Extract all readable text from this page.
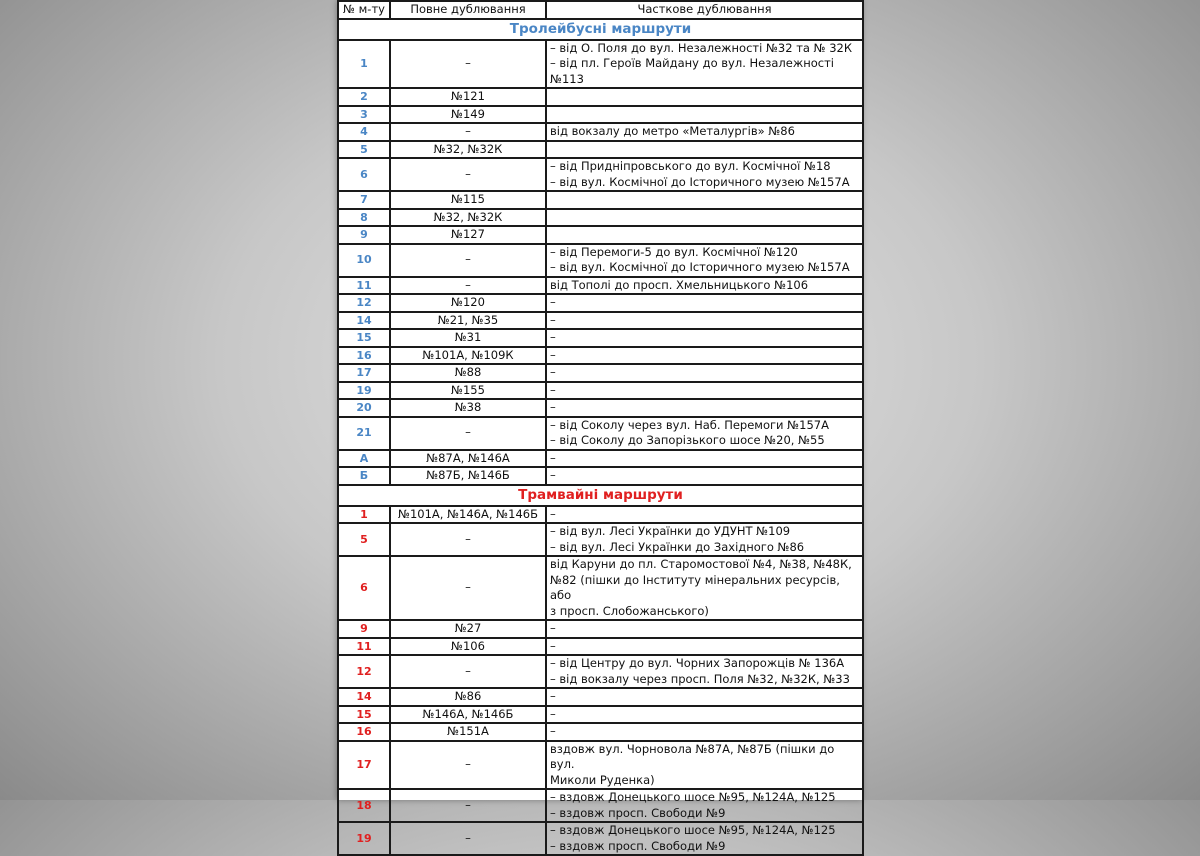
№ м-ту	Повне дублювання	Часткове дублювання
Тролейбусні маршрути		
1	–	– від О. Поля до вул. Незалежності №32 та № 32К
– від пл. Героїв Майдану до вул. Незалежності №113

2	№121	
3	№149	
4	–	від вокзалу до метро «Металургів» №86

5	№32, №32К	
6	–	– від Придніпровського до вул. Космічної №18
– від вул. Космічної до Історичного музею №157А

7	№115	
8	№32, №32К	
9	№127	
10	–	– від Перемоги-5 до вул. Космічної №120
– від вул. Космічної до Історичного музею №157А

11	–	від Тополі до просп. Хмельницького №106

12	№120	–

14	№21, №35	–

15	№31	–

16	№101А, №109К	–

17	№88	–

19	№155	–

20	№38	–

21	–	– від Соколу через вул. Наб. Перемоги №157А
– від Соколу до Запорізького шосе №20, №55

А	№87А, №146А	–

Б	№87Б, №146Б	–

Трамвайні маршрути		
1	№101А, №146А, №146Б	–

5	–	– від вул. Лесі Українки до УДУНТ №109
– від вул. Лесі Українки до Західного №86

6	–	від Каруни до пл. Старомостової №4, №38, №48К,
№82 (пішки до Інституту мінеральних ресурсів, або
з просп. Слобожанського)

9	№27	–

11	№106	–

12	–	– від Центру до вул. Чорних Запорожців № 136А
– від вокзалу через просп. Поля №32, №32К, №33

14	№86	–

15	№146А, №146Б	–

16	№151А	–

17	–	вздовж вул. Чорновола №87А, №87Б (пішки до вул.
Миколи Руденка)

18	–	– вздовж Донецького шосе №95, №124А, №125
– вздовж просп. Свободи №9

19	–	– вздовж Донецького шосе №95, №124А, №125
– вздовж просп. Свободи №9
